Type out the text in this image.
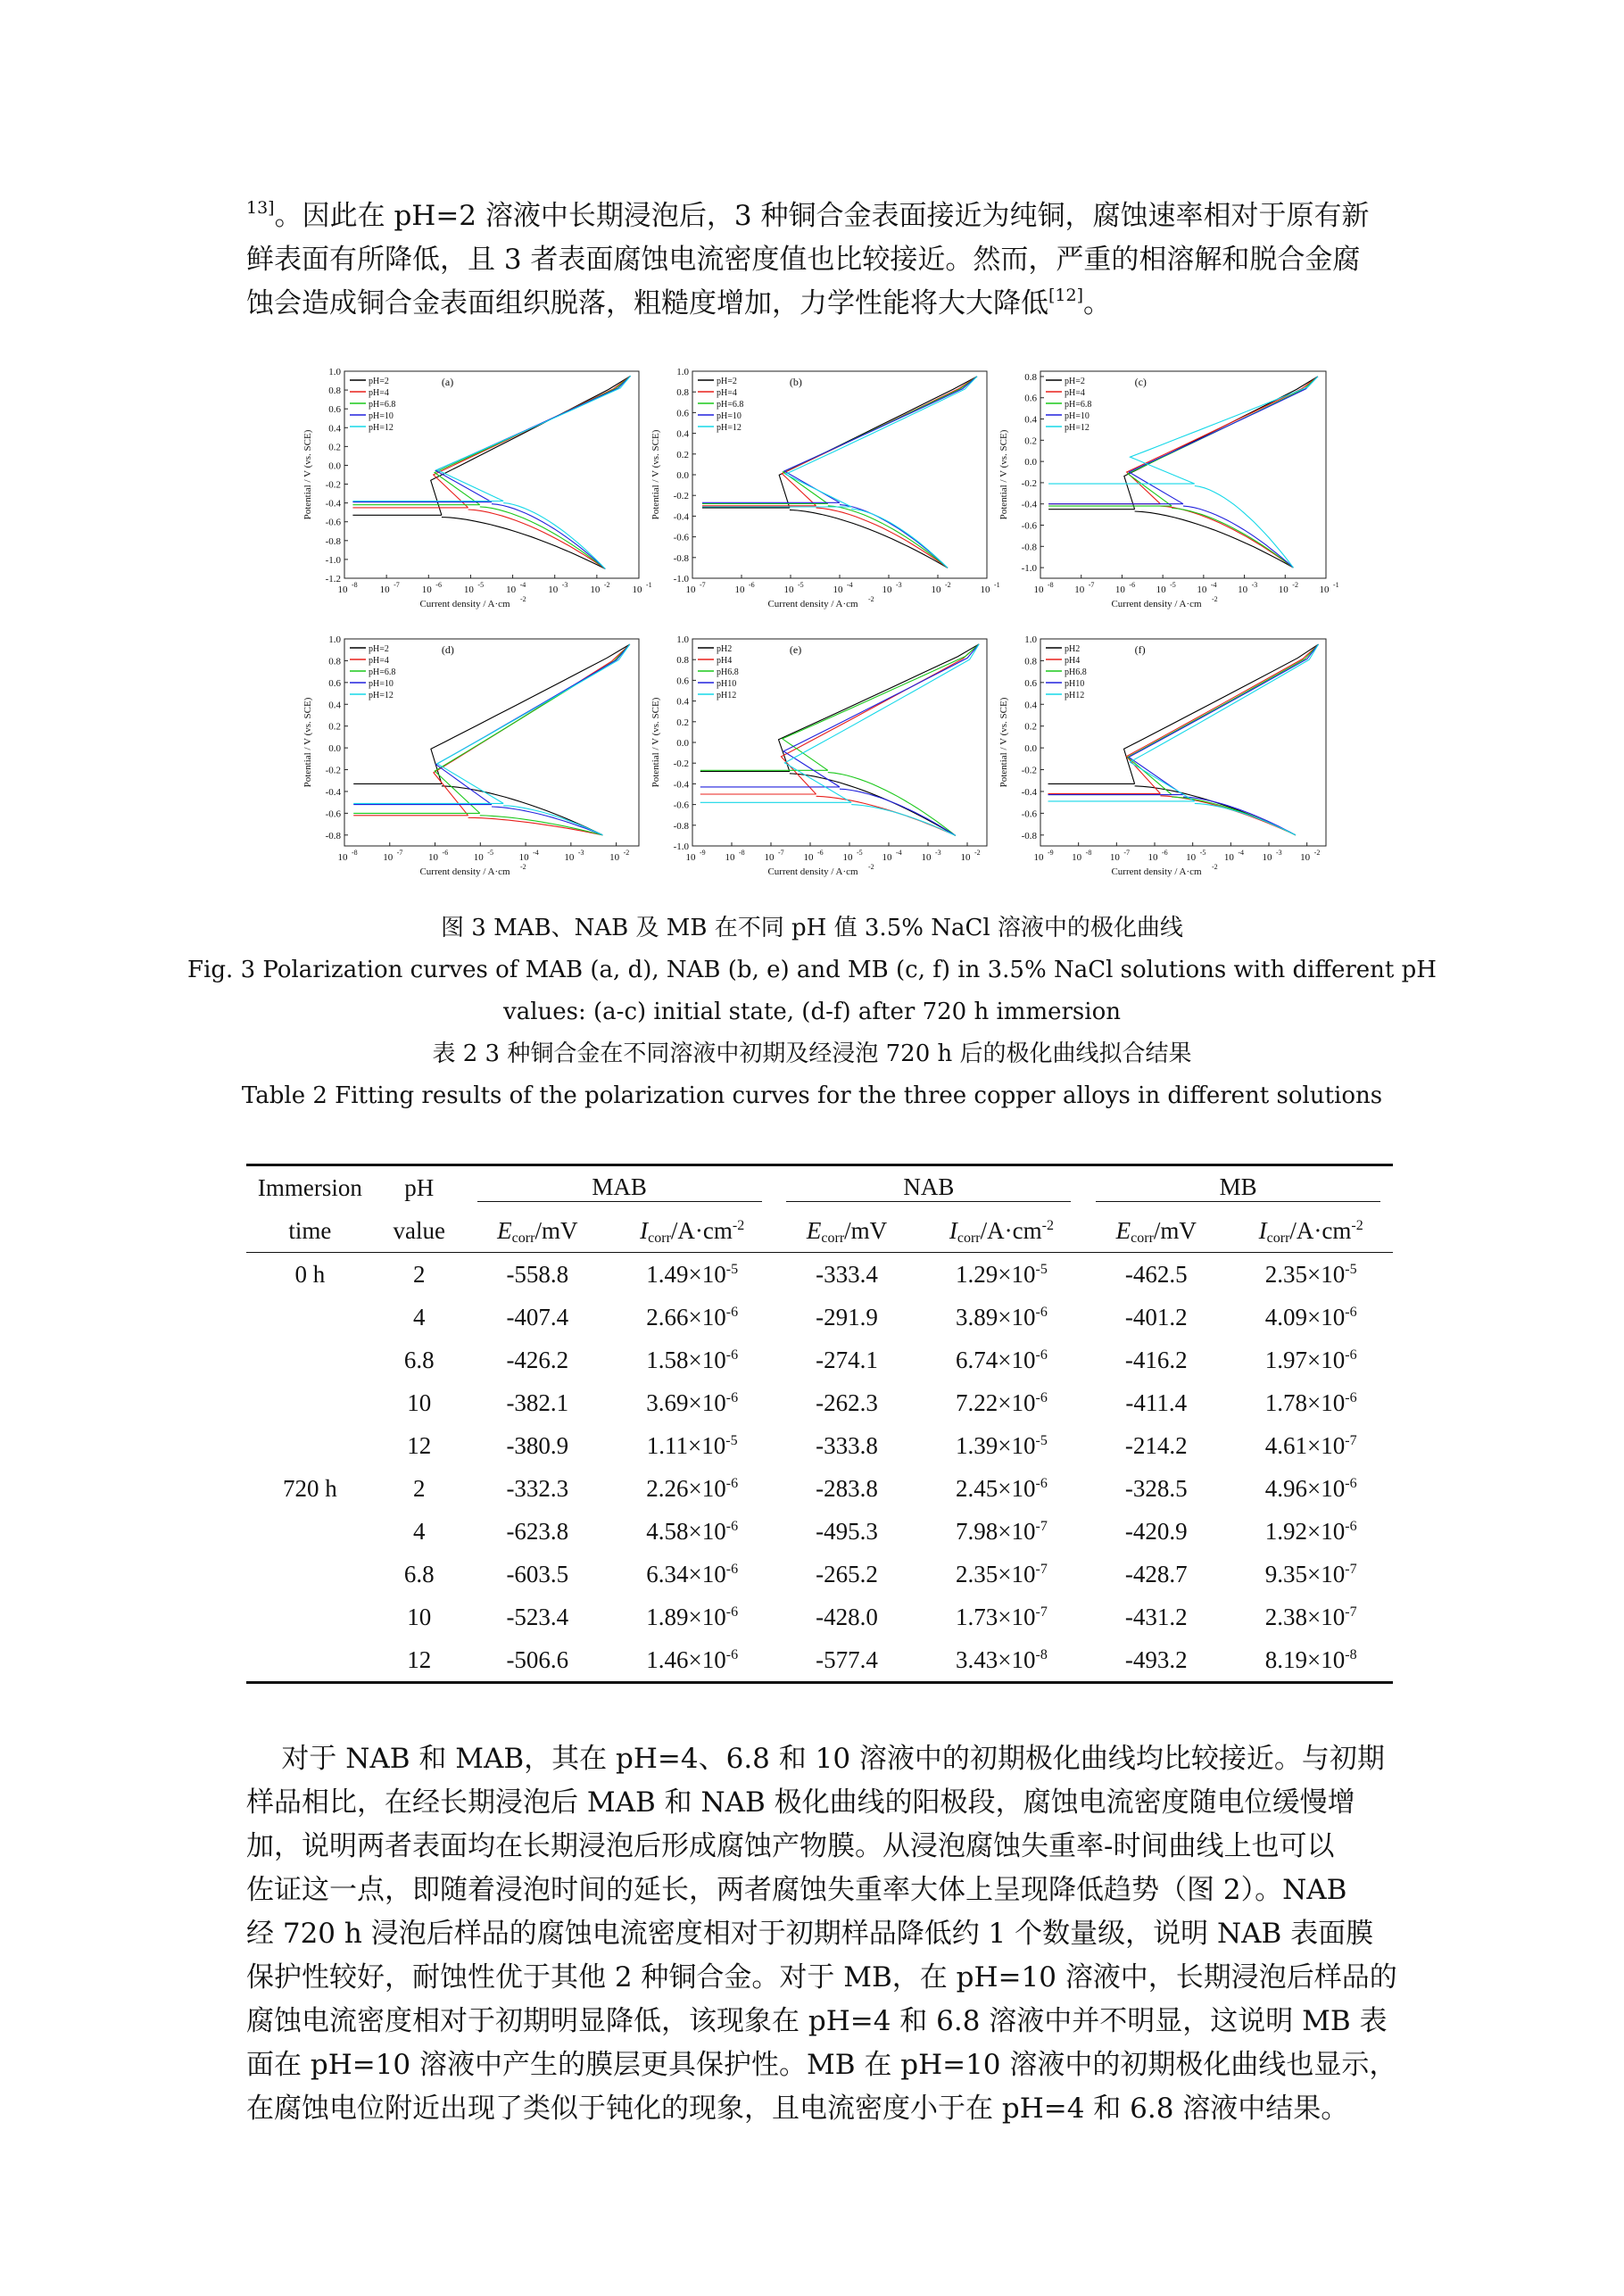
$^{13]}$。因此在 pH=2 溶液中长期浸泡后，3 种铜合金表面接近为纯铜，腐蚀速率相对于原有新
鲜表面有所降低，且 3 者表面腐蚀电流密度值也比较接近。然而，严重的相溶解和脱合金腐
蚀会造成铜合金表面组织脱落，粗糙度增加，力学性能将大大降低[12]。
1.0
0.8
0.6
0.4
0.2
0.0
-0.2
-0.4
-0.6
-0.8
-1.0
-1.2
10 -8 10 -7 10 -6 10 -5 10 -4 10 -3 10 -2 10 -1
Current density / A·cm -2
Potential / V (vs. SCE)
(a)
pH=2
pH=4
pH=6.8
pH=10
pH=12
1.0
0.8
0.6
0.4
0.2
0.0
-0.2
-0.4
-0.6
-0.8
-1.0
10 -7	10 -6	10 -5	10 -4	10 -3	10 -2	10 -1
Current density / A·cm -2
Potential / V (vs. SCE)
(b)
pH=2
pH=4
pH=6.8
pH=10
pH=12
0.8
0.6
0.4
0.2
0.0
-0.2
-0.4
-0.6
-0.8
-1.0
10 -8 10 -7 10 -6 10 -5 10 -4 10 -3 10 -2 10 -1
Current density / A·cm -2
Potential / V (vs. SCE)
(c)
pH=2
pH=4
pH=6.8
pH=10
pH=12
1.0
0.8
0.6
0.4
0.2
0.0
-0.2
-0.4
-0.6
-0.8
10 -8	10 -7	10 -6	10 -5	10 -4	10 -3	10 -2
Current density / A·cm -2
Potential / V (vs. SCE)
(d)
pH=2
pH=4
pH=6.8
pH=10
pH=12
1.0
0.8
0.6
0.4
0.2
0.0
-0.2
-0.4
-0.6
-0.8
-1.0
10 -9 10 -8 10 -7 10 -6 10 -5 10 -4 10 -3 10 -2
Current density / A·cm -2
Potential / V (vs. SCE)
(e)
pH2
pH4
pH6.8
pH10
pH12
1.0
0.8
0.6
0.4
0.2
0.0
-0.2
-0.4
-0.6
-0.8
10 -9 10 -8 10 -7 10 -6 10 -5 10 -4 10 -3 10 -2
Current density / A·cm -2
Potential / V (vs. SCE)
(f)
pH2
pH4
pH6.8
pH10
pH12
图 3 MAB、NAB 及 MB 在不同 pH 值 3.5% NaCl 溶液中的极化曲线
Fig. 3 Polarization curves of MAB (a, d), NAB (b, e) and MB (c, f) in 3.5% NaCl solutions with different pH
values: (a-c) initial state, (d-f) after 720 h immersion
表 2 3 种铜合金在不同溶液中初期及经浸泡 720 h 后的极化曲线拟合结果
Table 2 Fitting results of the polarization curves for the three copper alloys in different solutions
Immersion	pH	MAB		NAB		MB	
time	value	$E_{corr}/mV$	$I_{corr}/A\cdot cm^{-2}$	$E_{corr}/mV$	$I_{corr}/A\cdot cm^{-2}$	$E_{corr}/mV$	$I_{corr}/A\cdot cm^{-2}$
0 h	2	-558.8	$1.49\times 10^{-5}$	-333.4	$1.29\times 10^{-5}$	-462.5	$2.35\times 10^{-5}$
	4	-407.4	$2.66\times 10^{-6}$	-291.9	$3.89\times 10^{-6}$	-401.2	$4.09\times 10^{-6}$
	6.8	-426.2	$1.58\times 10^{-6}$	-274.1	$6.74\times 10^{-6}$	-416.2	$1.97\times 10^{-6}$
	10	-382.1	$3.69\times 10^{-6}$	-262.3	$7.22\times 10^{-6}$	-411.4	$1.78\times 10^{-6}$
	12	-380.9	$1.11\times 10^{-5}$	-333.8	$1.39\times 10^{-5}$	-214.2	$4.61\times 10^{-7}$
720 h	2	-332.3	$2.26\times 10^{-6}$	-283.8	$2.45\times 10^{-6}$	-328.5	$4.96\times 10^{-6}$
	4	-623.8	$4.58\times 10^{-6}$	-495.3	$7.98\times 10^{-7}$	-420.9	$1.92\times 10^{-6}$
	6.8	-603.5	$6.34\times 10^{-6}$	-265.2	$2.35\times 10^{-7}$	-428.7	$9.35\times 10^{-7}$
	10	-523.4	$1.89\times 10^{-6}$	-428.0	$1.73\times 10^{-7}$	-431.2	$2.38\times 10^{-7}$
	12	-506.6	$1.46\times 10^{-6}$	-577.4	$3.43\times 10^{-8}$	-493.2	$8.19\times 10^{-8}$
对于 NAB 和 MAB，其在 pH=4、6.8 和 10 溶液中的初期极化曲线均比较接近。与初期
样品相比，在经长期浸泡后 MAB 和 NAB 极化曲线的阳极段，腐蚀电流密度随电位缓慢增
加，说明两者表面均在长期浸泡后形成腐蚀产物膜。从浸泡腐蚀失重率-时间曲线上也可以
佐证这一点，即随着浸泡时间的延长，两者腐蚀失重率大体上呈现降低趋势（图 2）。NAB
经 720 h 浸泡后样品的腐蚀电流密度相对于初期样品降低约 1 个数量级，说明 NAB 表面膜
保护性较好，耐蚀性优于其他 2 种铜合金。对于 MB，在 pH=10 溶液中，长期浸泡后样品的
腐蚀电流密度相对于初期明显降低，该现象在 pH=4 和 6.8 溶液中并不明显，这说明 MB 表
面在 pH=10 溶液中产生的膜层更具保护性。MB 在 pH=10 溶液中的初期极化曲线也显示，
在腐蚀电位附近出现了类似于钝化的现象，且电流密度小于在 pH=4 和 6.8 溶液中结果。
